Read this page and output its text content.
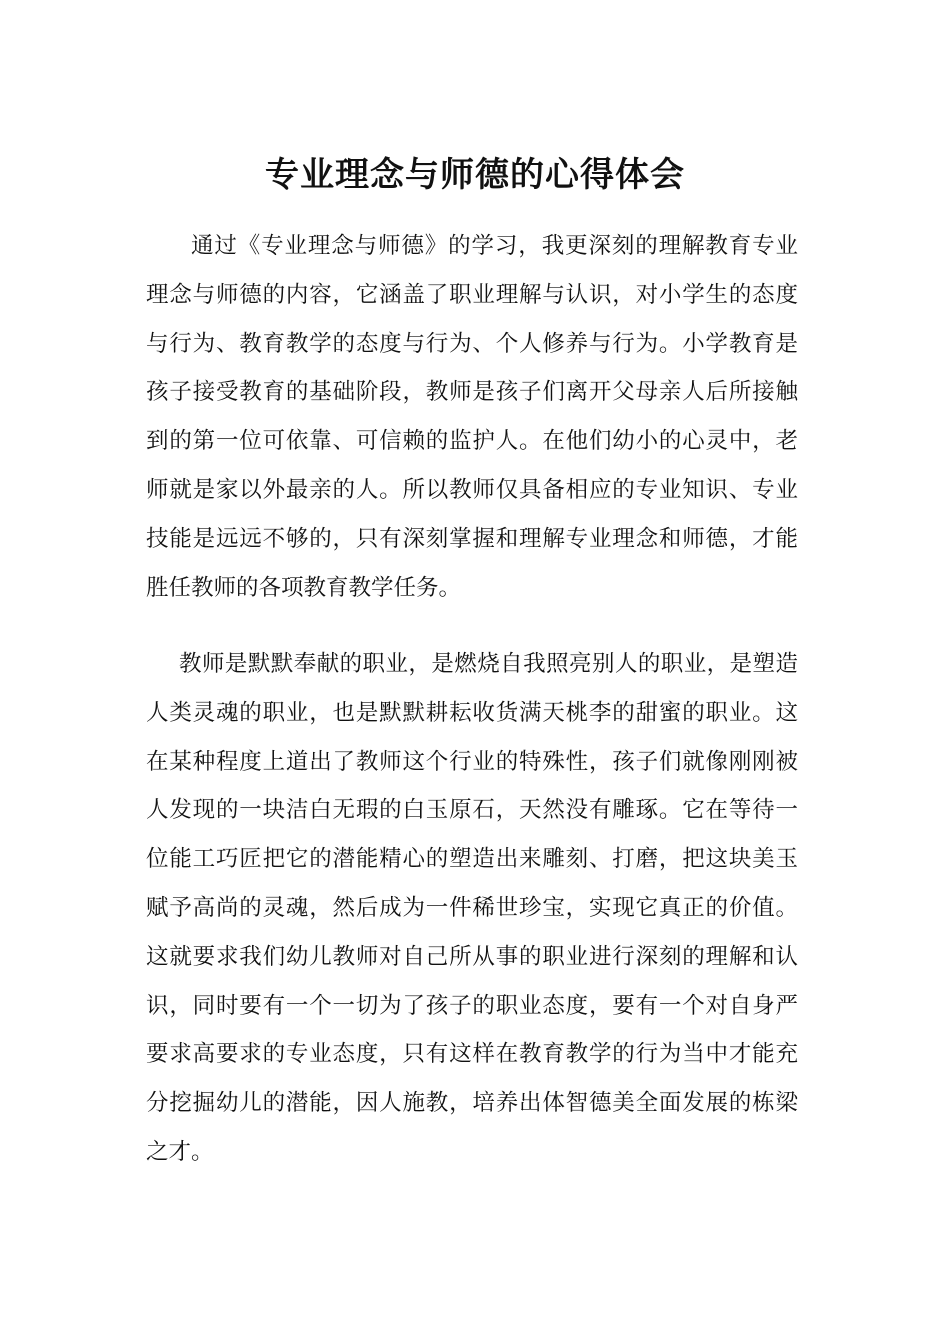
专业理念与师德的心得体会

通过《专业理念与师德》的学习，我更深刻的理解教育专业理念与师德的内容，它涵盖了职业理解与认识，对小学生的态度与行为、教育教学的态度与行为、个人修养与行为。小学教育是孩子接受教育的基础阶段，教师是孩子们离开父母亲人后所接触到的第一位可依靠、可信赖的监护人。在他们幼小的心灵中，老师就是家以外最亲的人。所以教师仅具备相应的专业知识、专业技能是远远不够的，只有深刻掌握和理解专业理念和师德，才能胜任教师的各项教育教学任务。

教师是默默奉献的职业，是燃烧自我照亮别人的职业，是塑造人类灵魂的职业，也是默默耕耘收货满天桃李的甜蜜的职业。这在某种程度上道出了教师这个行业的特殊性，孩子们就像刚刚被人发现的一块洁白无瑕的白玉原石，天然没有雕琢。它在等待一位能工巧匠把它的潜能精心的塑造出来雕刻、打磨，把这块美玉赋予高尚的灵魂，然后成为一件稀世珍宝，实现它真正的价值。这就要求我们幼儿教师对自己所从事的职业进行深刻的理解和认识，同时要有一个一切为了孩子的职业态度，要有一个对自身严要求高要求的专业态度，只有这样在教育教学的行为当中才能充分挖掘幼儿的潜能，因人施教，培养出体智德美全面发展的栋梁之才。
